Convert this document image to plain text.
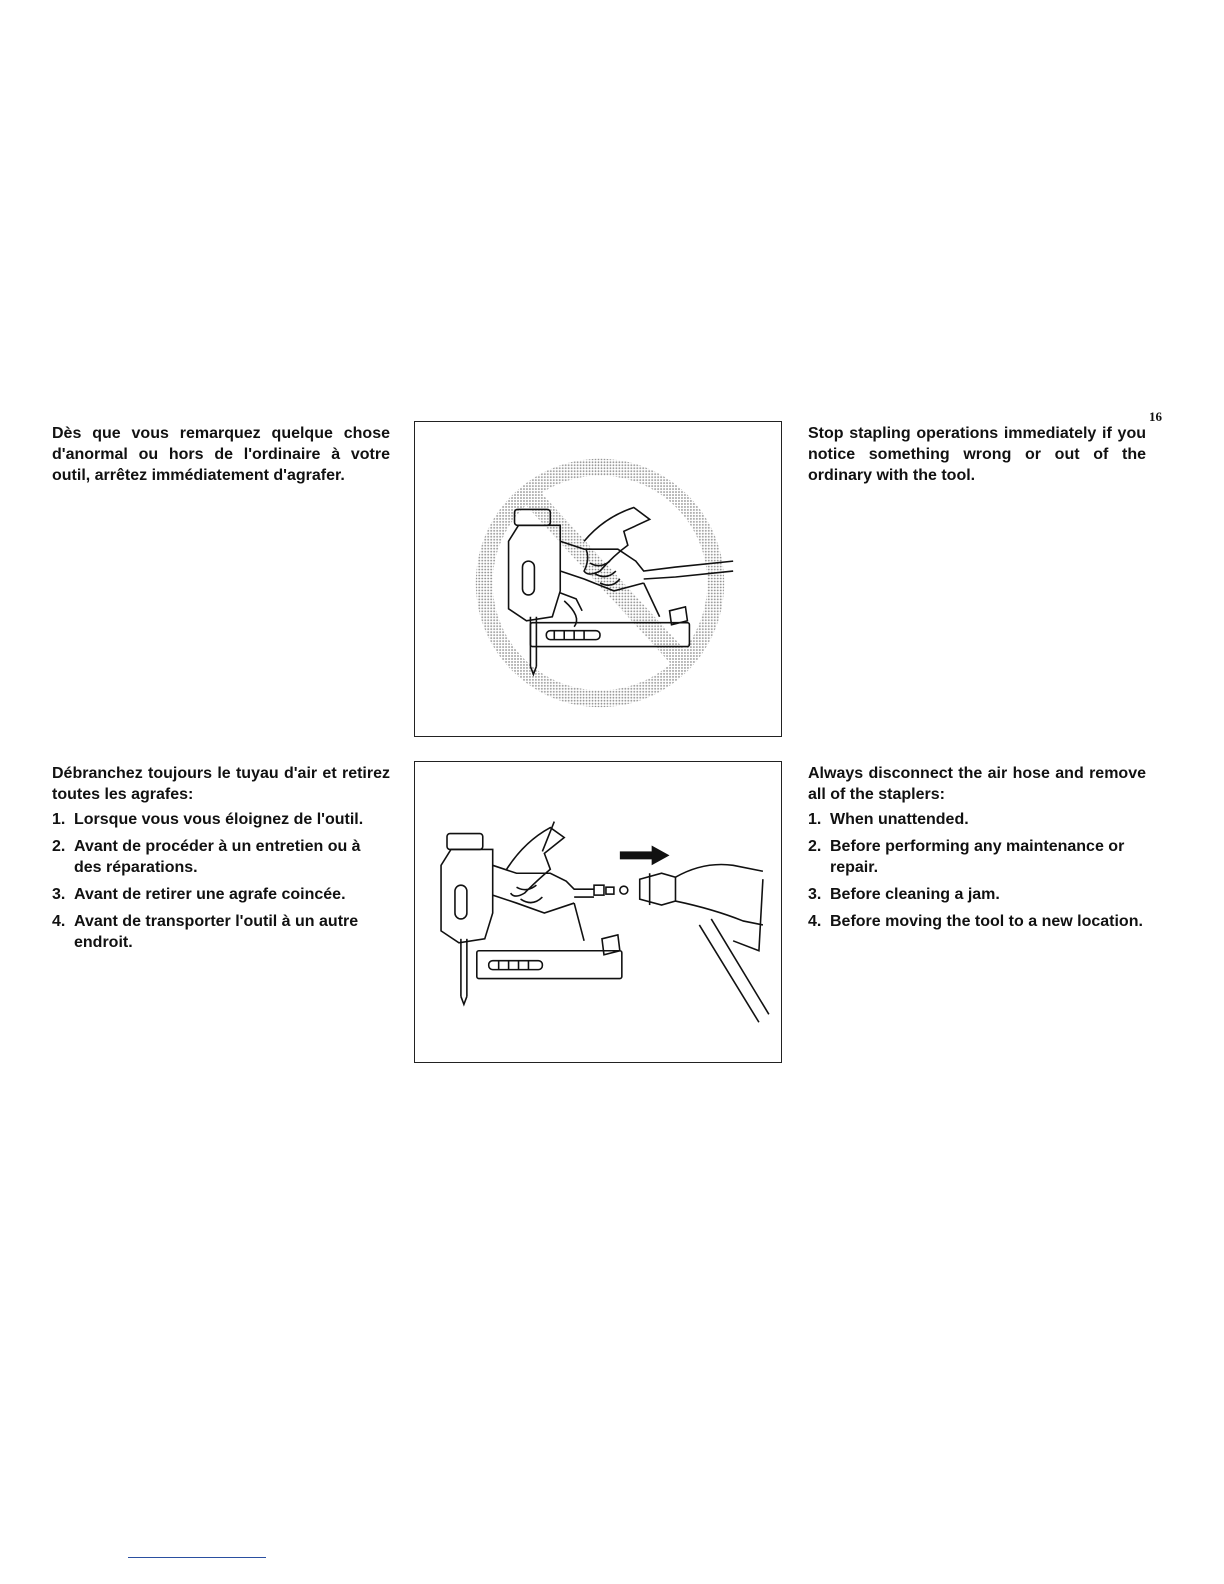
16

Dès que vous remarquez quelque chose d'anormal ou hors de l'ordinaire à votre outil, arrêtez immédiatement d'agrafer.

Stop stapling operations immediately if you notice something wrong or out of the ordinary with the tool.

Débranchez toujours le tuyau d'air et retirez toutes les agrafes:

1. Lorsque vous vous éloignez de l'outil.
2. Avant de procéder à un entretien ou à des réparations.
3. Avant de retirer une agrafe coincée.
4. Avant de transporter l'outil à un autre endroit.

Always disconnect the air hose and remove all of the staplers:

1. When unattended.
2. Before performing any maintenance or repair.
3. Before cleaning a jam.
4. Before moving the tool to a new location.
